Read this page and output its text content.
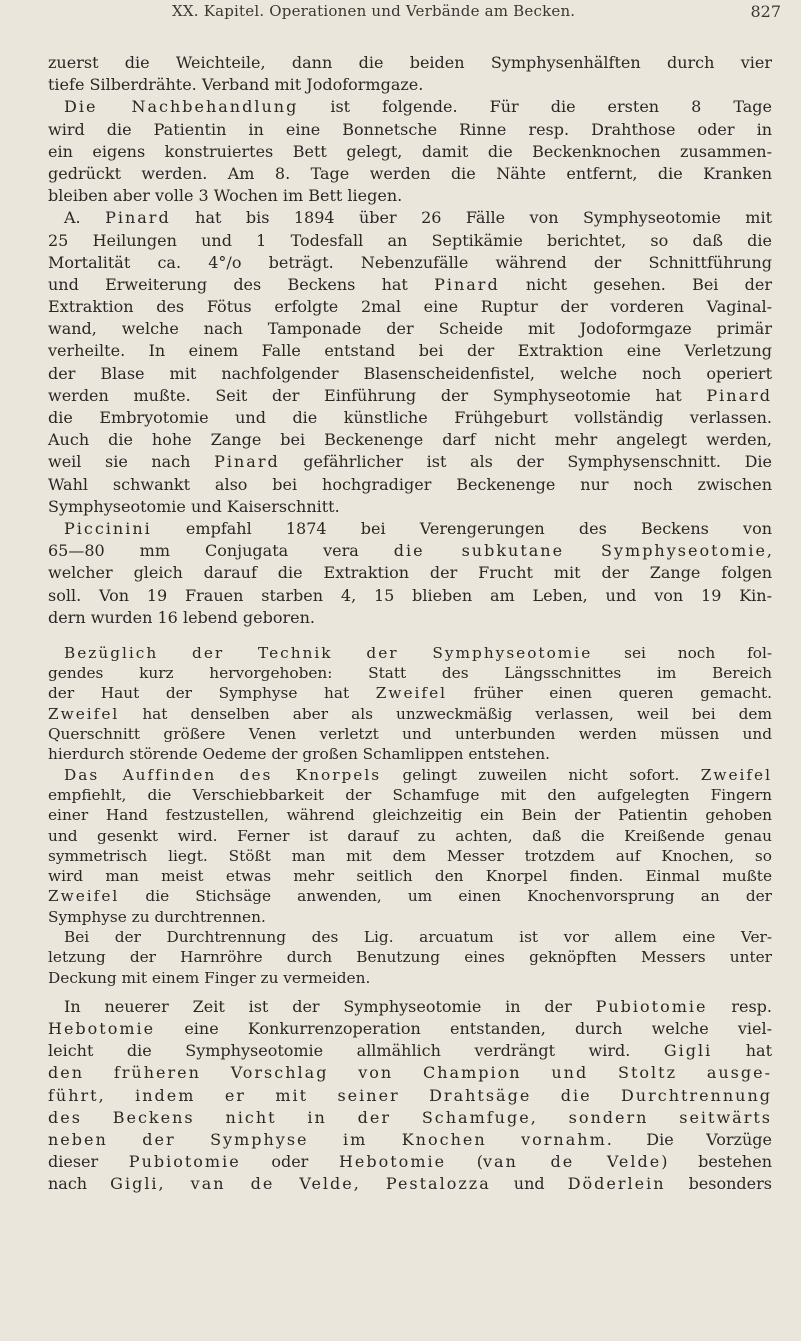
XX. Kapitel. Operationen und Verbände am Becken.	827
zuerst die Weichteile, dann die beiden Symphysenhälften durch vier
tiefe Silberdrähte. Verband mit Jodoformgaze.
Die Nachbehandlung ist folgende. Für die ersten 8 Tage
wird die Patientin in eine Bonnetsche Rinne resp. Drahthose oder in
ein eigens konstruiertes Bett gelegt, damit die Beckenknochen zusammen-
gedrückt werden. Am 8. Tage werden die Nähte entfernt, die Kranken
bleiben aber volle 3 Wochen im Bett liegen.
A. Pinard hat bis 1894 über 26 Fälle von Symphyseotomie mit
25 Heilungen und 1 Todesfall an Septikämie berichtet, so daß die
Mortalität ca. 4°/o beträgt. Nebenzufälle während der Schnittführung
und Erweiterung des Beckens hat Pinard nicht gesehen. Bei der
Extraktion des Fötus erfolgte 2mal eine Ruptur der vorderen Vaginal-
wand, welche nach Tamponade der Scheide mit Jodoformgaze primär
verheilte. In einem Falle entstand bei der Extraktion eine Verletzung
der Blase mit nachfolgender Blasenscheidenfistel, welche noch operiert
werden mußte. Seit der Einführung der Symphyseotomie hat Pinard
die Embryotomie und die künstliche Frühgeburt vollständig verlassen.
Auch die hohe Zange bei Beckenenge darf nicht mehr angelegt werden,
weil sie nach Pinard gefährlicher ist als der Symphysenschnitt. Die
Wahl schwankt also bei hochgradiger Beckenenge nur noch zwischen
Symphyseotomie und Kaiserschnitt.
Piccinini empfahl 1874 bei Verengerungen des Beckens von
65—80 mm Conjugata vera die subkutane Symphyseotomie,
welcher gleich darauf die Extraktion der Frucht mit der Zange folgen
soll. Von 19 Frauen starben 4, 15 blieben am Leben, und von 19 Kin-
dern wurden 16 lebend geboren.
Bezüglich der Technik der Symphyseotomie sei noch fol-
gendes kurz hervorgehoben: Statt des Längsschnittes im Bereich
der Haut der Symphyse hat Zweifel früher einen queren gemacht.
Zweifel hat denselben aber als unzweckmäßig verlassen, weil bei dem
Querschnitt größere Venen verletzt und unterbunden werden müssen und
hierdurch störende Oedeme der großen Schamlippen entstehen.
Das Auffinden des Knorpels gelingt zuweilen nicht sofort. Zweifel
empfiehlt, die Verschiebbarkeit der Schamfuge mit den aufgelegten Fingern
einer Hand festzustellen, während gleichzeitig ein Bein der Patientin gehoben
und gesenkt wird. Ferner ist darauf zu achten, daß die Kreißende genau
symmetrisch liegt. Stößt man mit dem Messer trotzdem auf Knochen, so
wird man meist etwas mehr seitlich den Knorpel finden. Einmal mußte
Zweifel die Stichsäge anwenden, um einen Knochenvorsprung an der
Symphyse zu durchtrennen.
Bei der Durchtrennung des Lig. arcuatum ist vor allem eine Ver-
letzung der Harnröhre durch Benutzung eines geknöpften Messers unter
Deckung mit einem Finger zu vermeiden.
In neuerer Zeit ist der Symphyseotomie in der Pubiotomie resp.
Hebotomie eine Konkurrenzoperation entstanden, durch welche viel-
leicht die Symphyseotomie allmählich verdrängt wird. Gigli hat
den früheren Vorschlag von Champion und Stoltz ausge-
führt, indem er mit seiner Drahtsäge die Durchtrennung
des Beckens nicht in der Schamfuge, sondern seitwärts
neben der Symphyse im Knochen vornahm. Die Vorzüge
dieser Pubiotomie oder Hebotomie (van de Velde) bestehen
nach Gigli, van de Velde, Pestalozza und Döderlein besonders
